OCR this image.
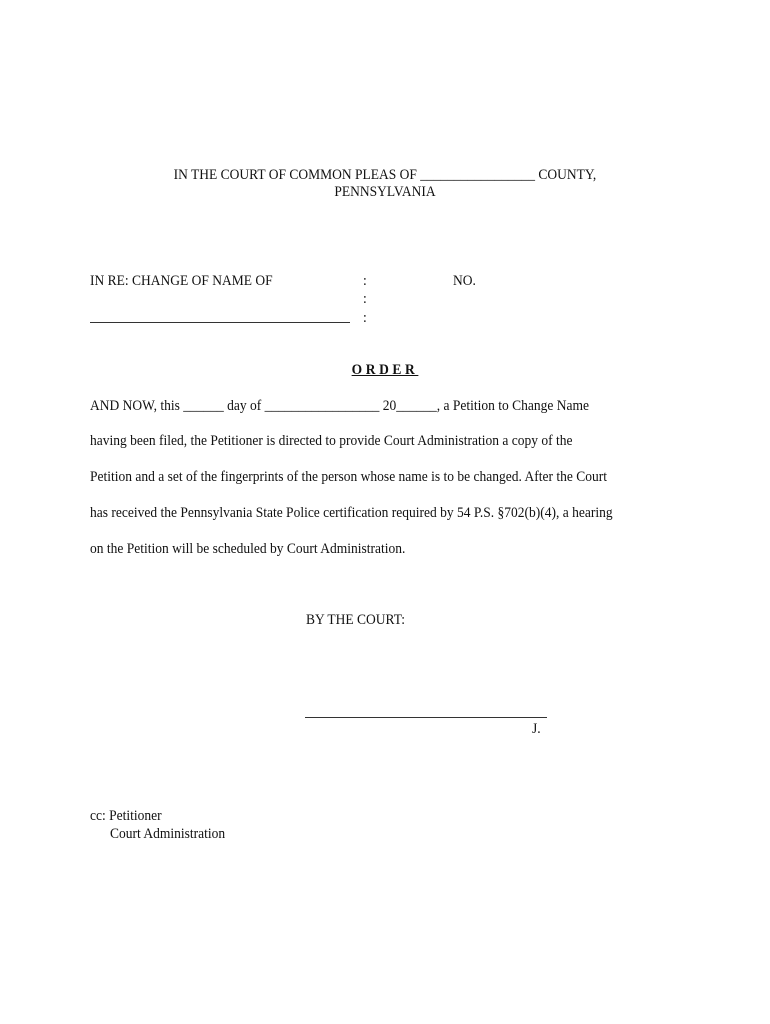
IN THE COURT OF COMMON PLEAS OF _________________ COUNTY,
PENNSYLVANIA
IN RE: CHANGE OF NAME OF	:
:
:
NO.
ORDER
AND NOW, this ______ day of _________________ 20______, a Petition to Change Name
having been filed, the Petitioner is directed to provide Court Administration a copy of the
Petition and a set of the fingerprints of the person whose name is to be changed. After the Court
has received the Pennsylvania State Police certification required by 54 P.S. §702(b)(4), a hearing
on the Petition will be scheduled by Court Administration.
BY THE COURT:
J.
cc: Petitioner
Court Administration
